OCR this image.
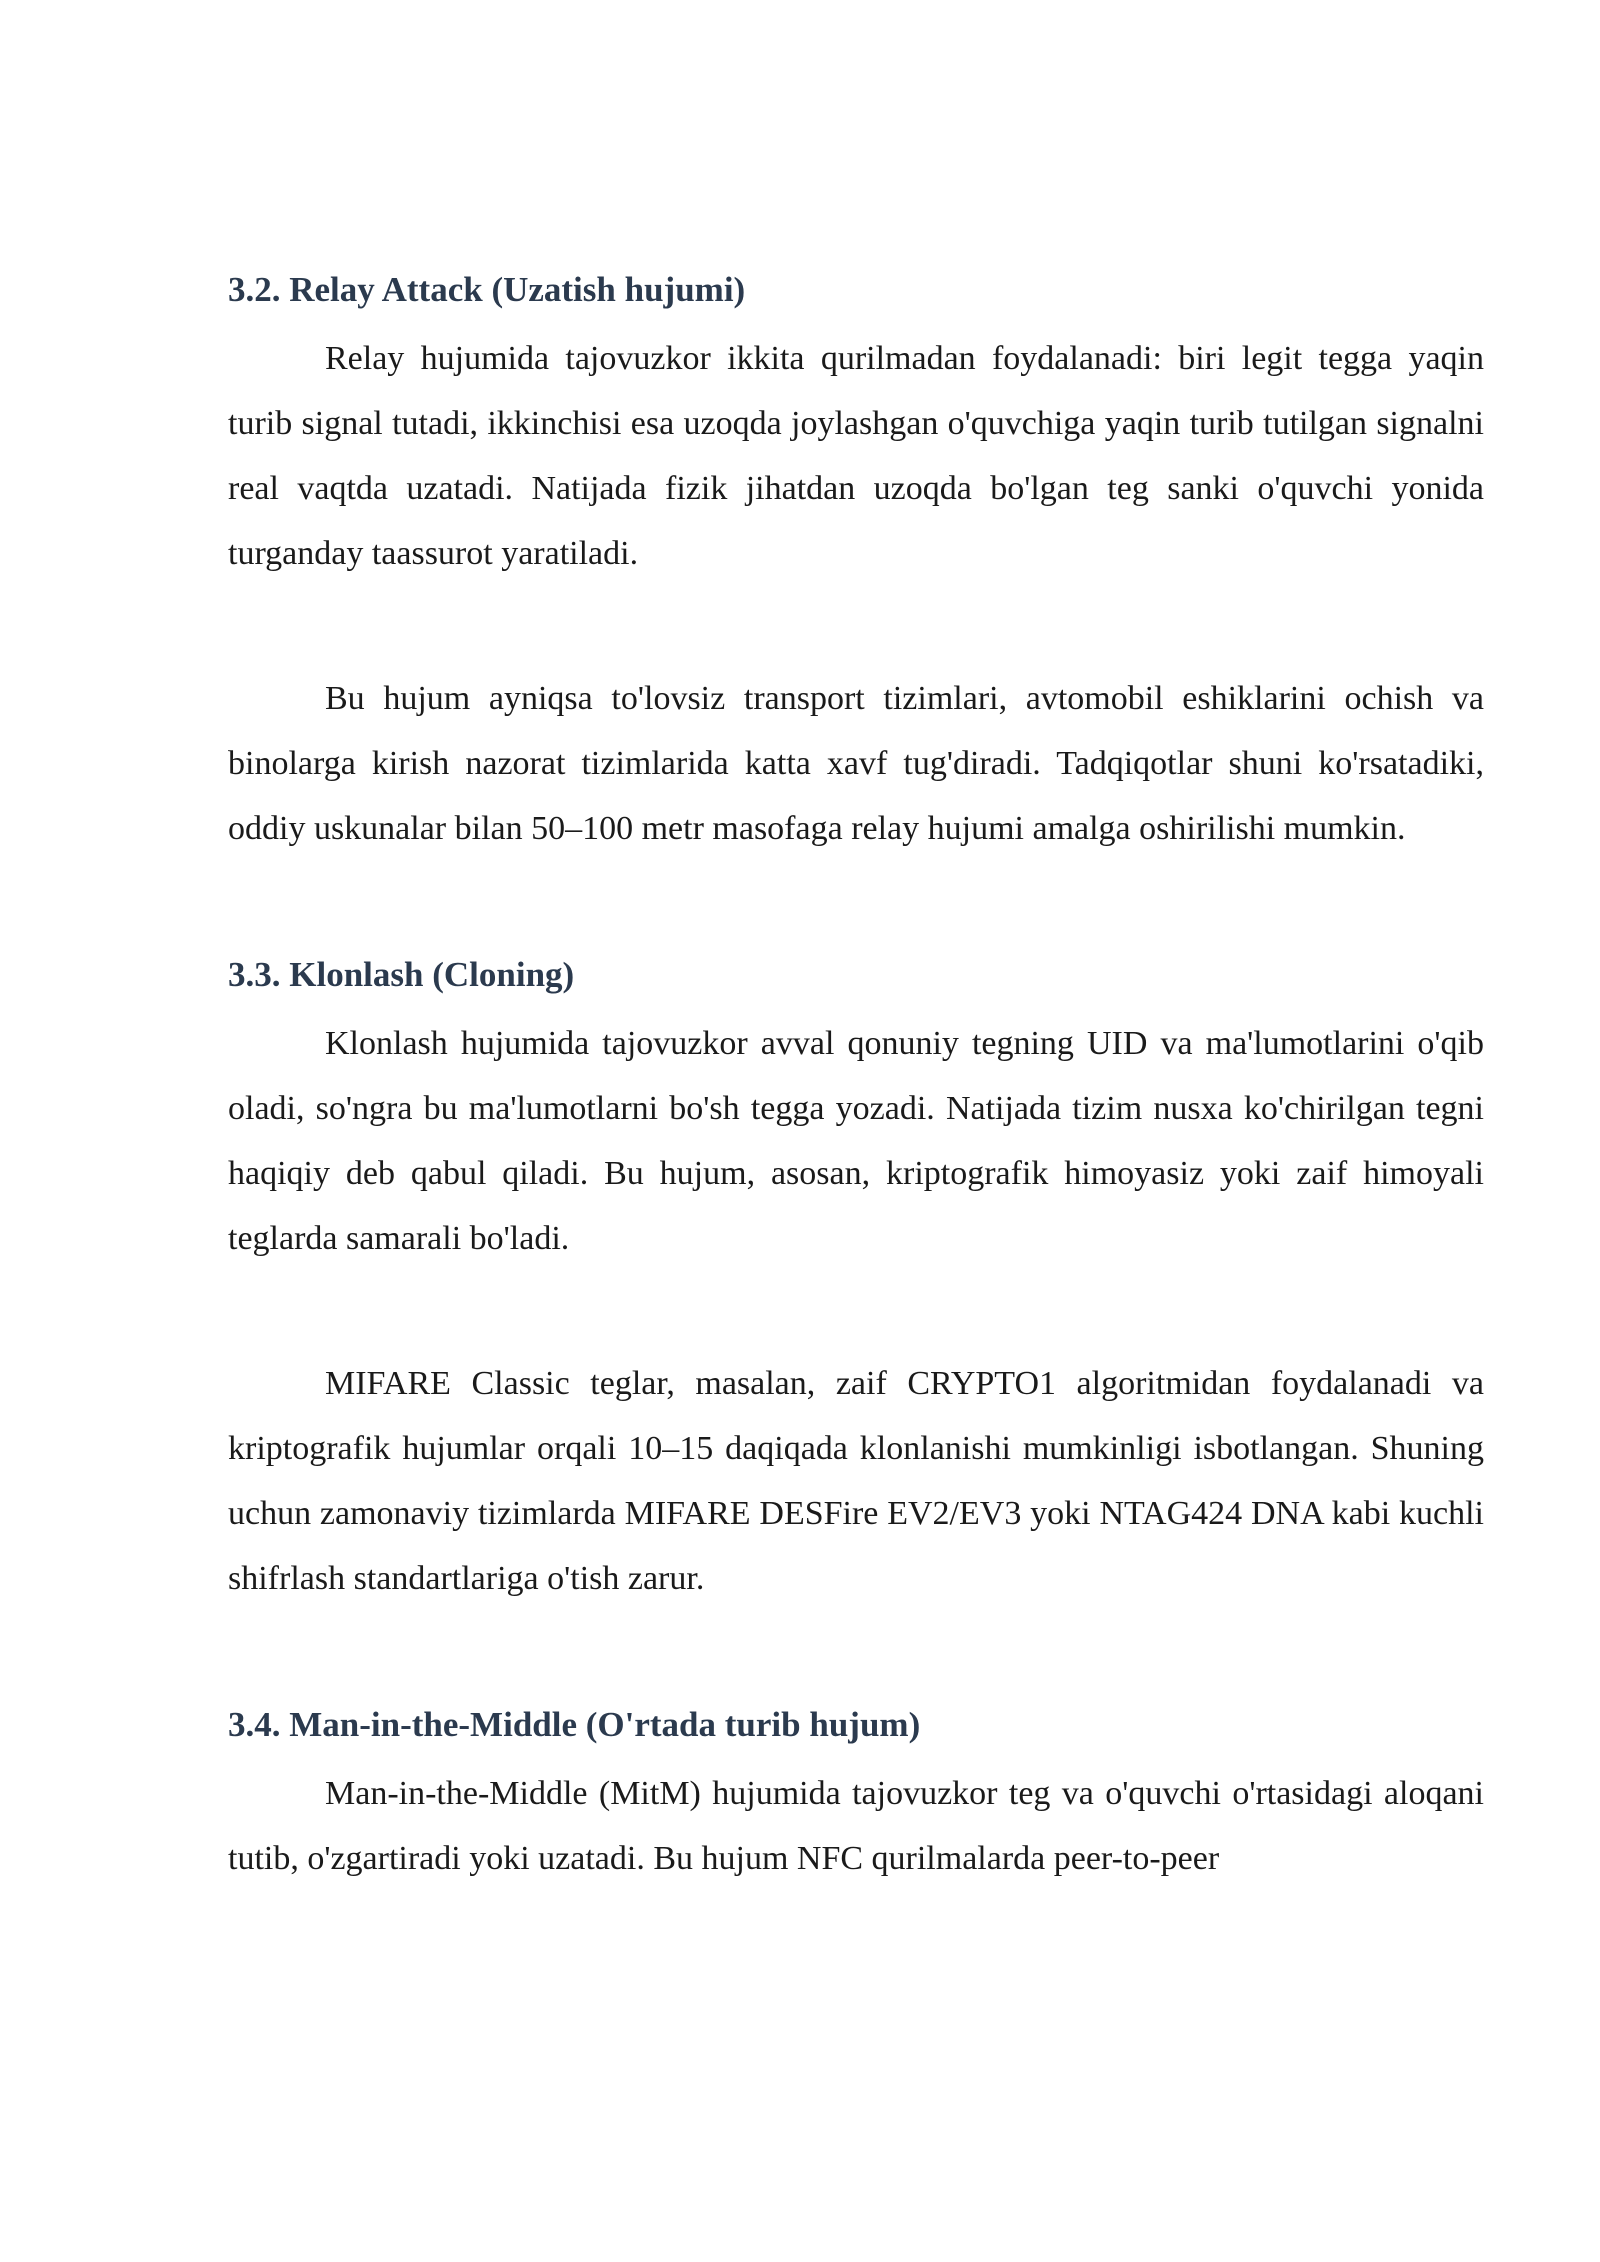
3.2. Relay Attack (Uzatish hujumi)

Relay hujumida tajovuzkor ikkita qurilmadan foydalanadi: biri legit tegga yaqin turib signal tutadi, ikkinchisi esa uzoqda joylashgan o'quvchiga yaqin turib tutilgan signalni real vaqtda uzatadi. Natijada fizik jihatdan uzoqda bo'lgan teg sanki o'quvchi yonida turganday taassurot yaratiladi.

Bu hujum ayniqsa to'lovsiz transport tizimlari, avtomobil eshiklarini ochish va binolarga kirish nazorat tizimlarida katta xavf tug'diradi. Tadqiqotlar shuni ko'rsatadiki, oddiy uskunalar bilan 50–100 metr masofaga relay hujumi amalga oshirilishi mumkin.

3.3. Klonlash (Cloning)

Klonlash hujumida tajovuzkor avval qonuniy tegning UID va ma'lumotlarini o'qib oladi, so'ngra bu ma'lumotlarni bo'sh tegga yozadi. Natijada tizim nusxa ko'chirilgan tegni haqiqiy deb qabul qiladi. Bu hujum, asosan, kriptografik himoyasiz yoki zaif himoyali teglarda samarali bo'ladi.

MIFARE Classic teglar, masalan, zaif CRYPTO1 algoritmidan foydalanadi va kriptografik hujumlar orqali 10–15 daqiqada klonlanishi mumkinligi isbotlangan. Shuning uchun zamonaviy tizimlarda MIFARE DESFire EV2/EV3 yoki NTAG424 DNA kabi kuchli shifrlash standartlariga o'tish zarur.

3.4. Man-in-the-Middle (O'rtada turib hujum)

Man-in-the-Middle (MitM) hujumida tajovuzkor teg va o'quvchi o'rtasidagi aloqani tutib, o'zgartiradi yoki uzatadi. Bu hujum NFC qurilmalarda peer-to-peer
